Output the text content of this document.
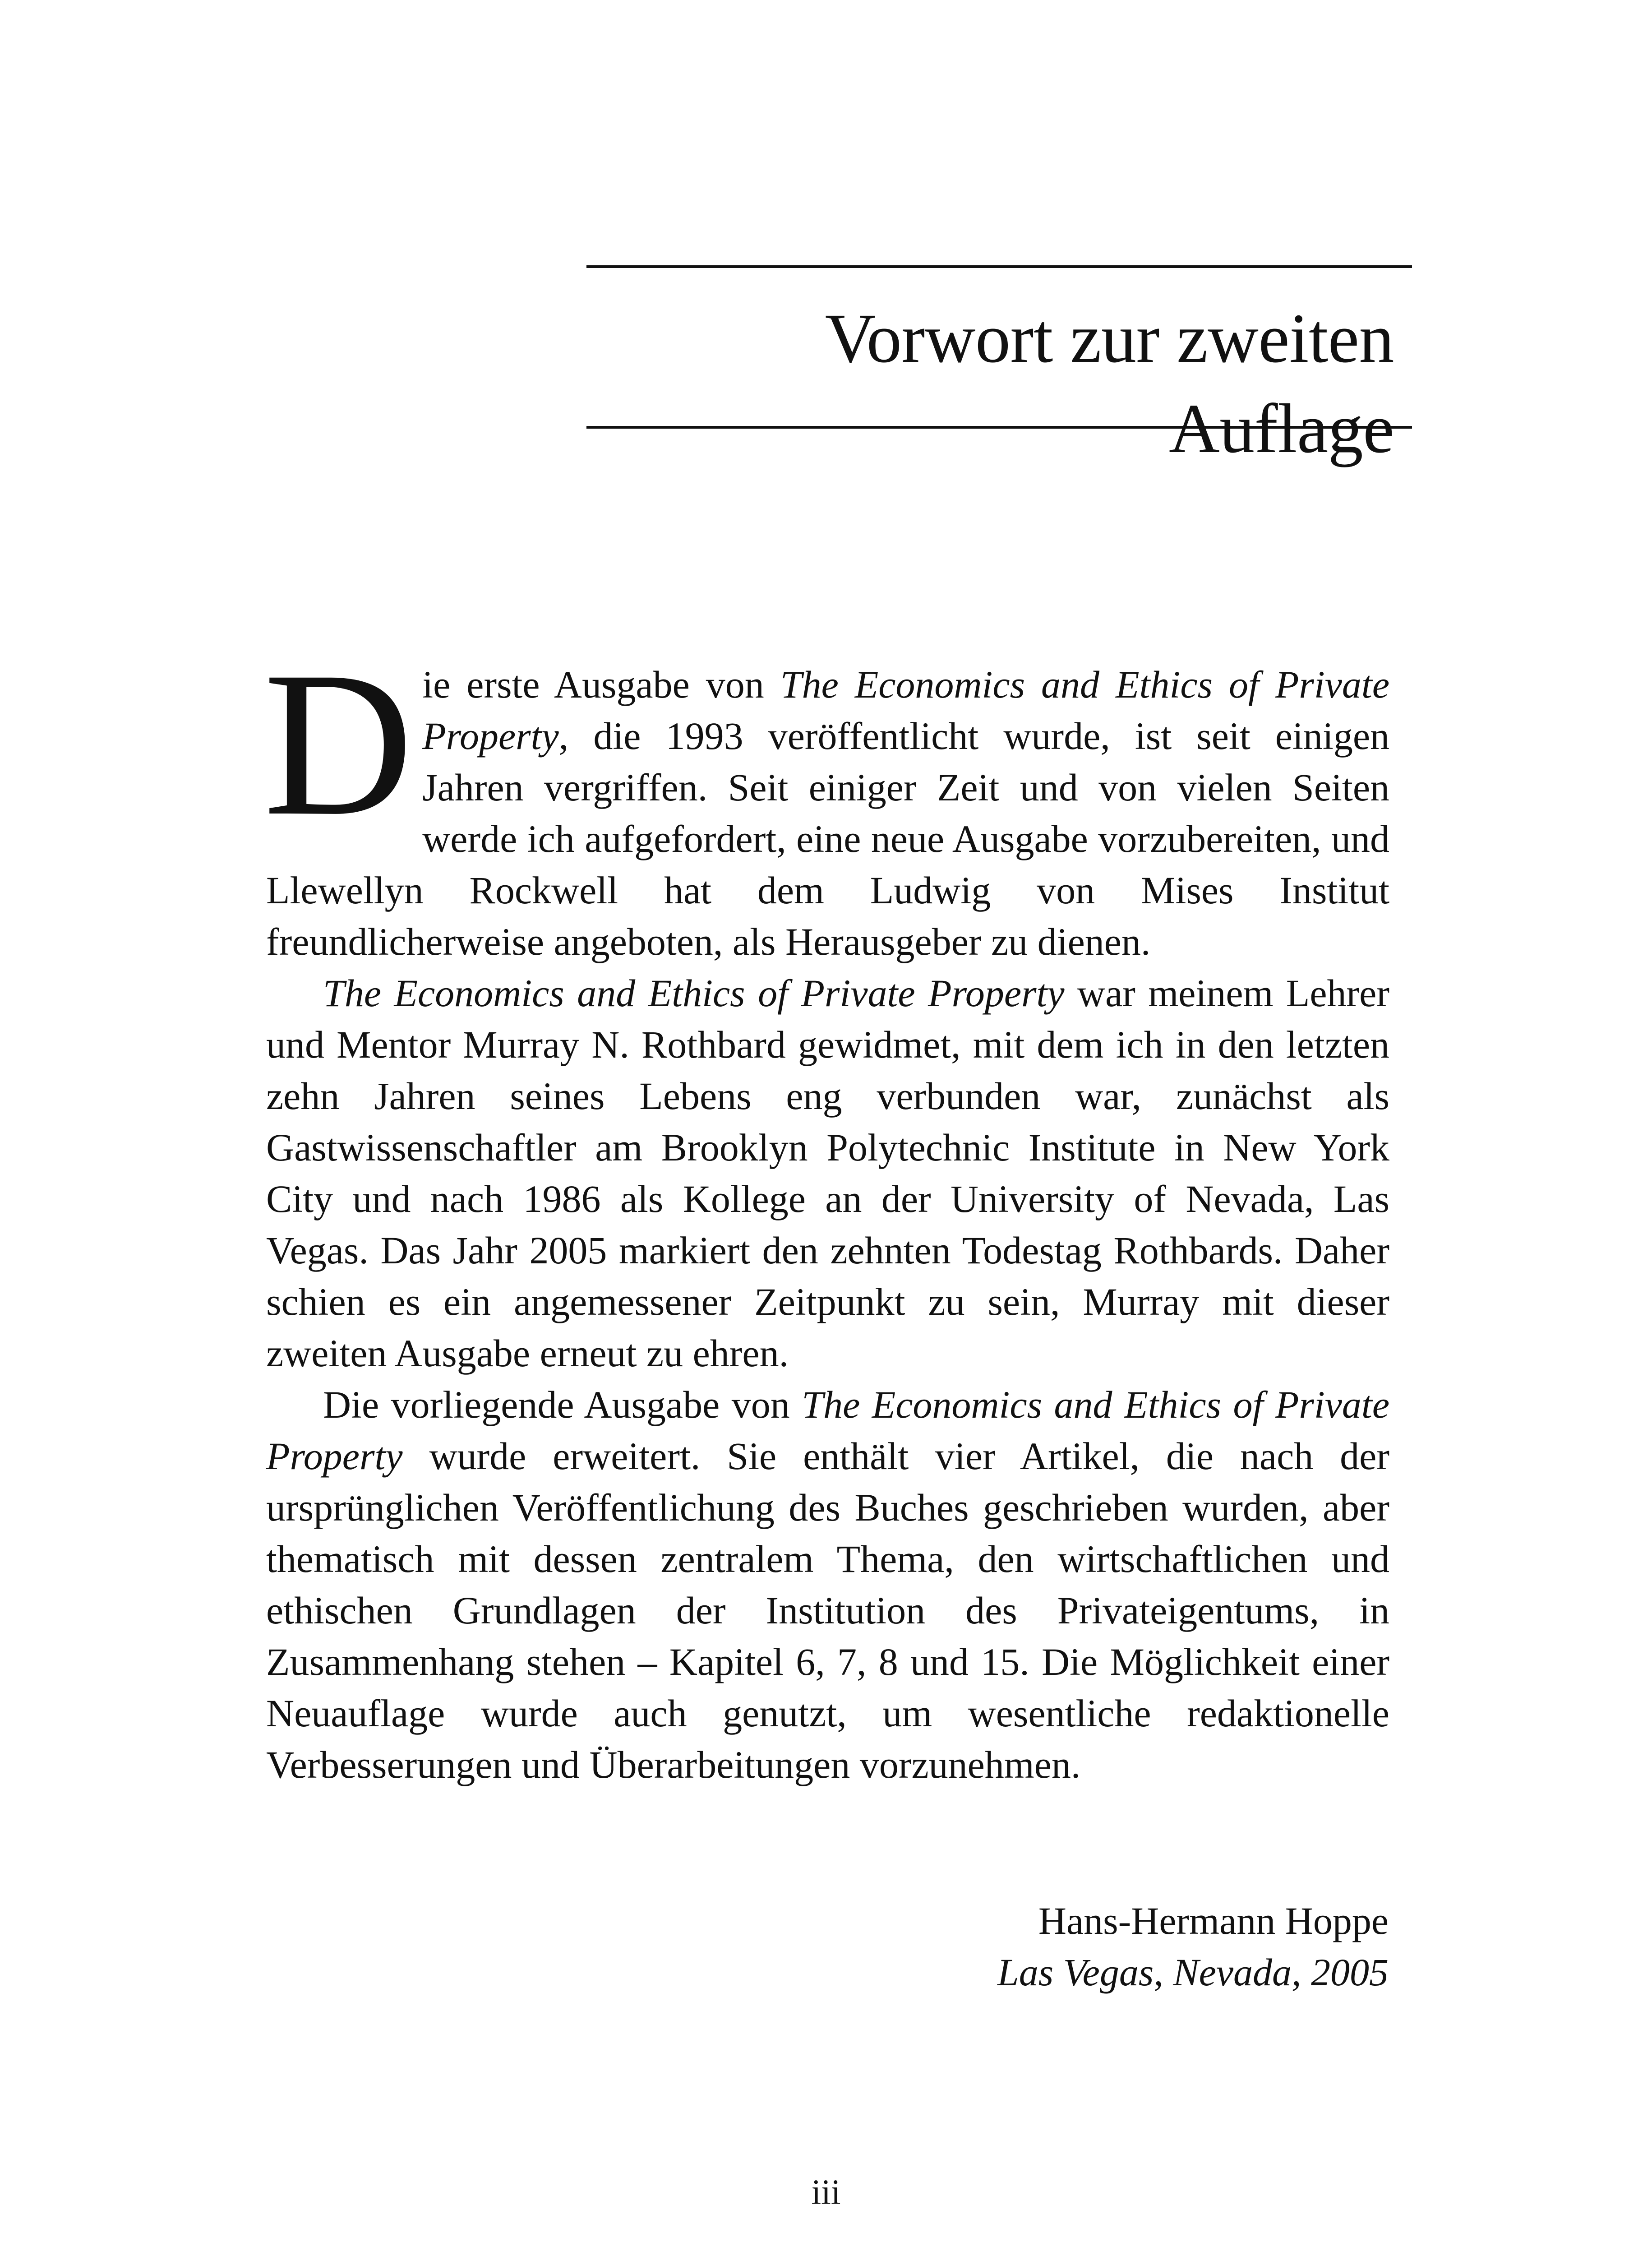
Vorwort zur zweiten Auflage

Die erste Ausgabe von The Economics and Ethics of Private Property, die 1993 veröffentlicht wurde, ist seit einigen Jahren vergriffen. Seit einiger Zeit und von vielen Seiten werde ich aufgefordert, eine neue Ausgabe vorzubereiten, und Llewellyn Rockwell hat dem Ludwig von Mises Institut freundlicherweise angeboten, als Herausgeber zu dienen.

The Economics and Ethics of Private Property war meinem Lehrer und Mentor Murray N. Rothbard gewidmet, mit dem ich in den letzten zehn Jahren seines Lebens eng verbunden war, zunächst als Gastwissenschaftler am Brooklyn Polytechnic Institute in New York City und nach 1986 als Kollege an der University of Nevada, Las Vegas. Das Jahr 2005 markiert den zehnten Todestag Rothbards. Daher schien es ein angemessener Zeitpunkt zu sein, Murray mit dieser zweiten Ausgabe erneut zu ehren.

Die vorliegende Ausgabe von The Economics and Ethics of Private Property wurde erweitert. Sie enthält vier Artikel, die nach der ursprünglichen Veröffentlichung des Buches geschrieben wurden, aber thematisch mit dessen zentralem Thema, den wirtschaftlichen und ethischen Grundlagen der Institution des Privateigentums, in Zusammenhang stehen – Kapitel 6, 7, 8 und 15. Die Möglichkeit einer Neuauflage wurde auch genutzt, um wesentliche redaktionelle Verbesserungen und Überarbeitungen vorzunehmen.

Hans-Hermann Hoppe
Las Vegas, Nevada, 2005
iii
